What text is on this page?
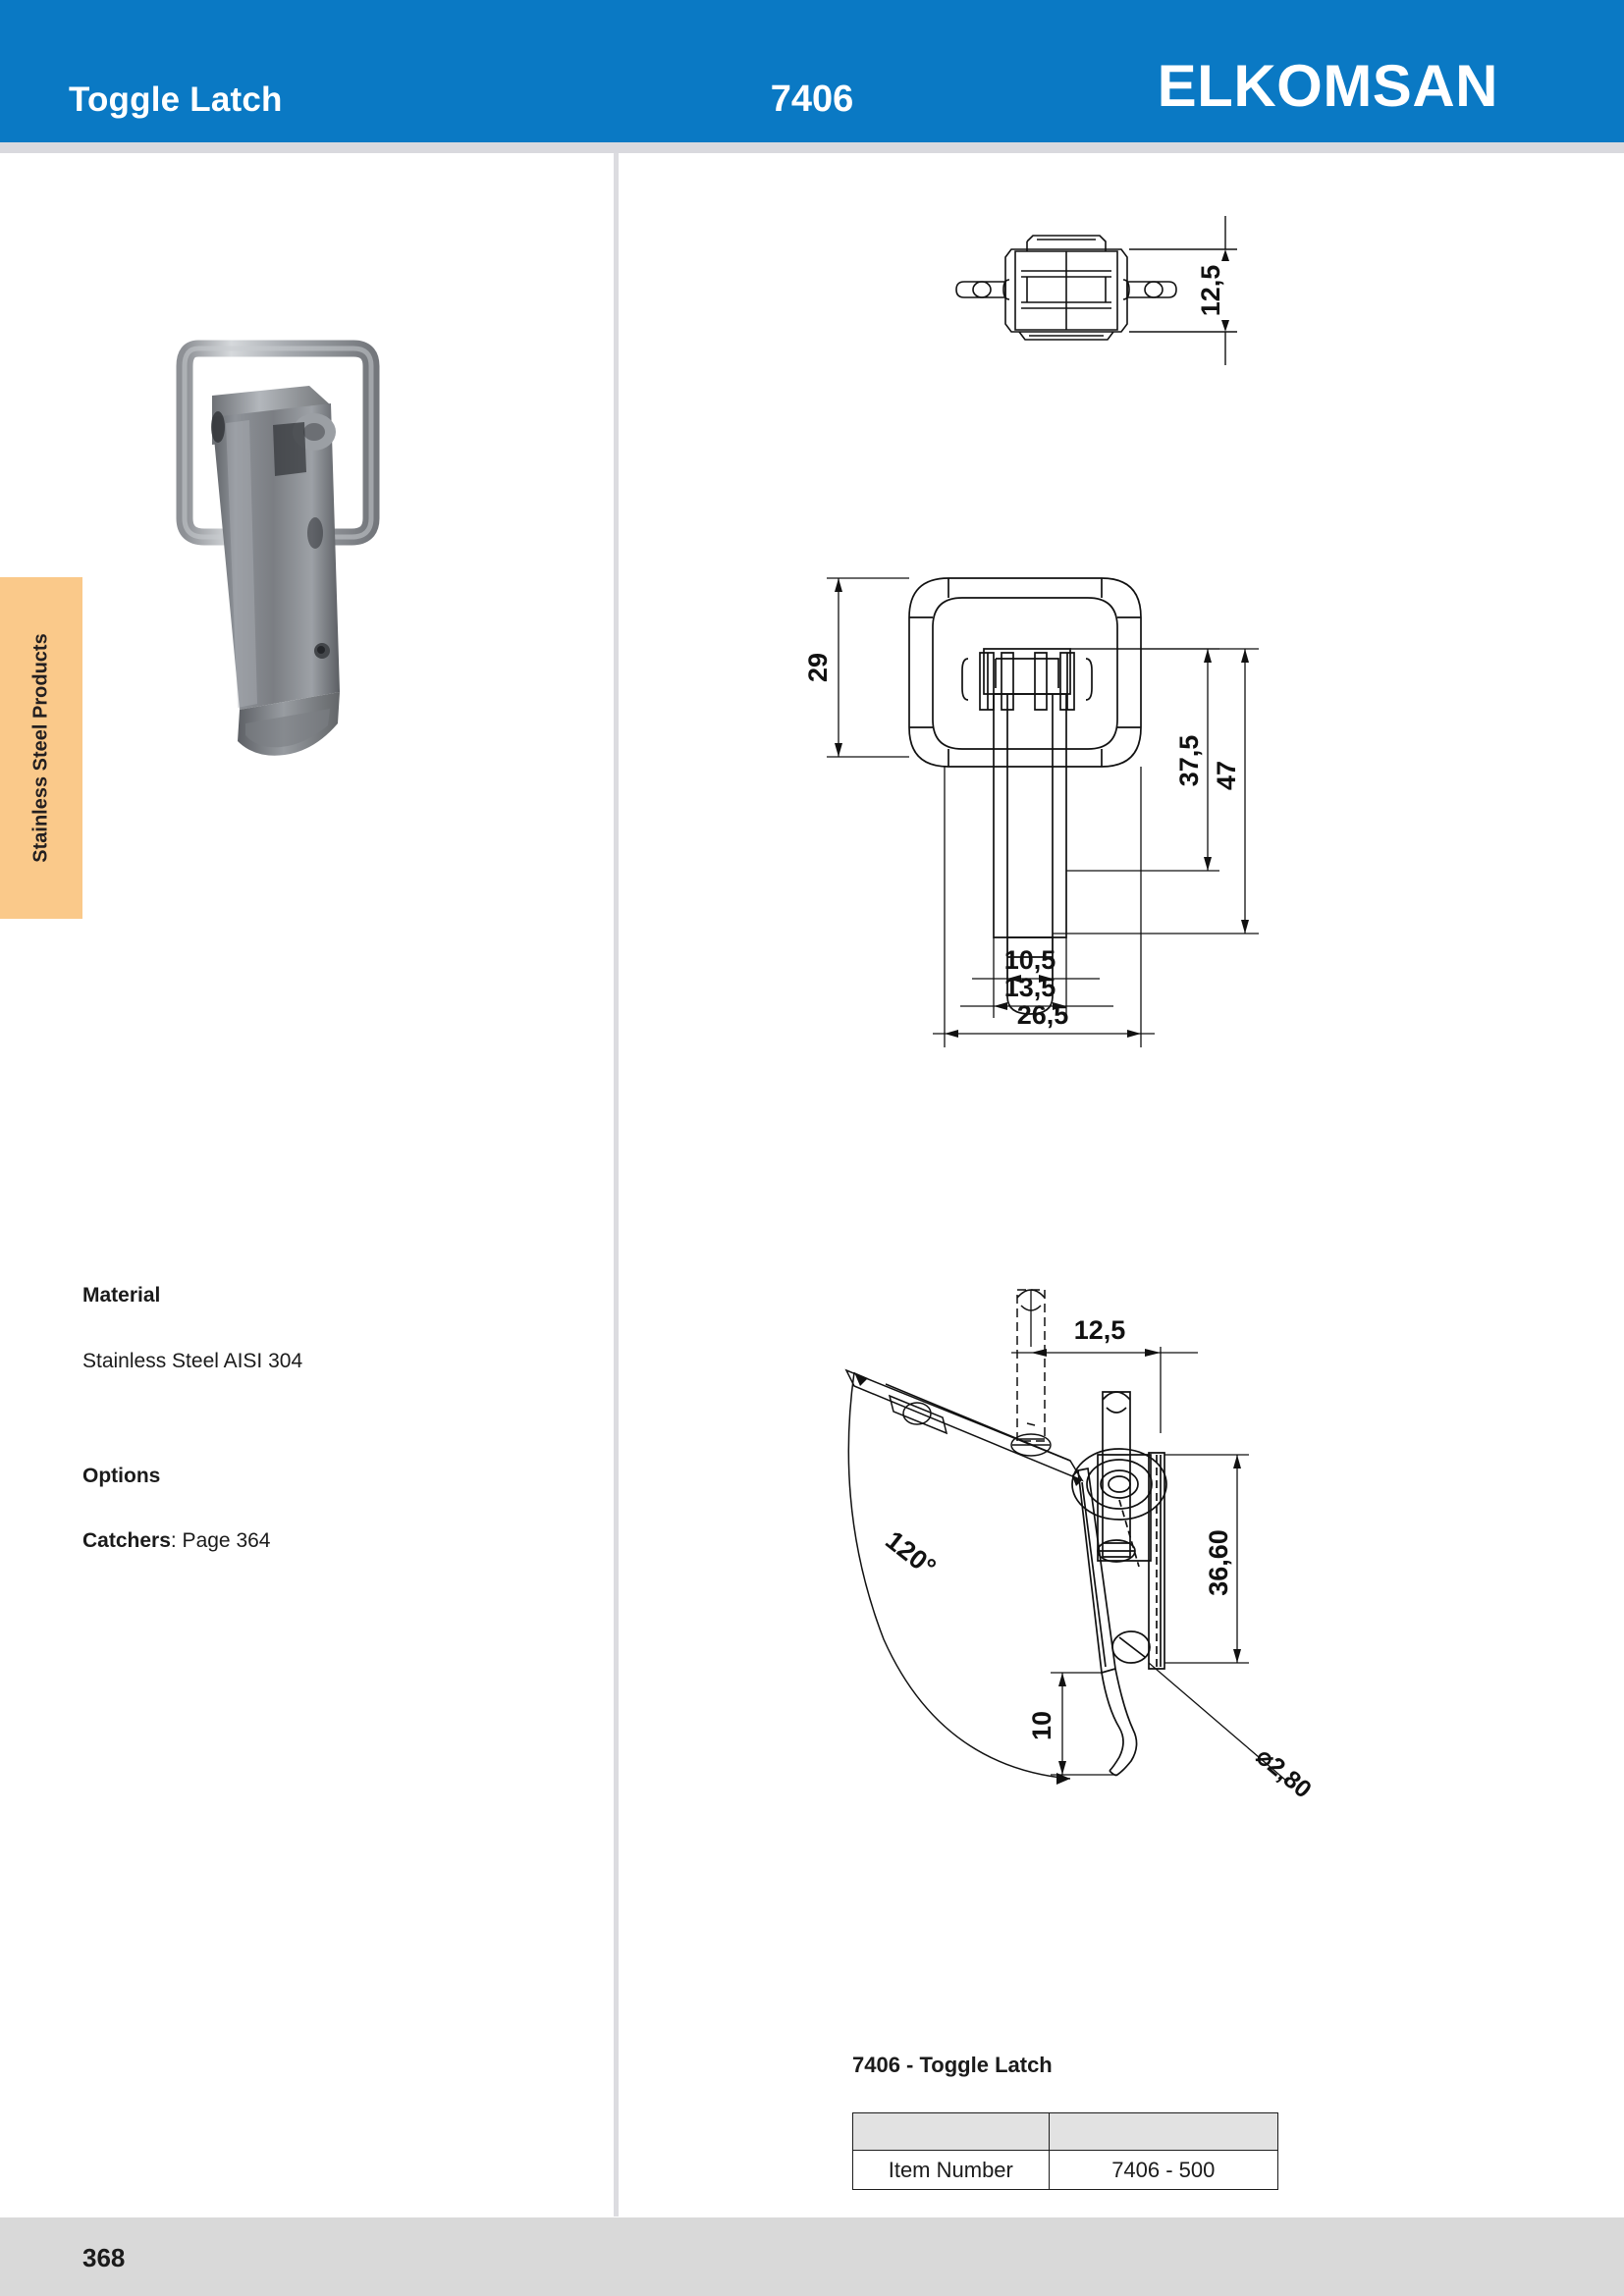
Toggle Latch	7406	ELKOMSAN
Stainless Steel Products
Material
Stainless Steel AISI 304
Options
Catchers: Page 364
12,5
29
37,5 47
10,5
13,5
26,5
120°
12,5
36,60
10
⌀2,80
7406 - Toggle Latch

Item Number	7406 - 500
368
